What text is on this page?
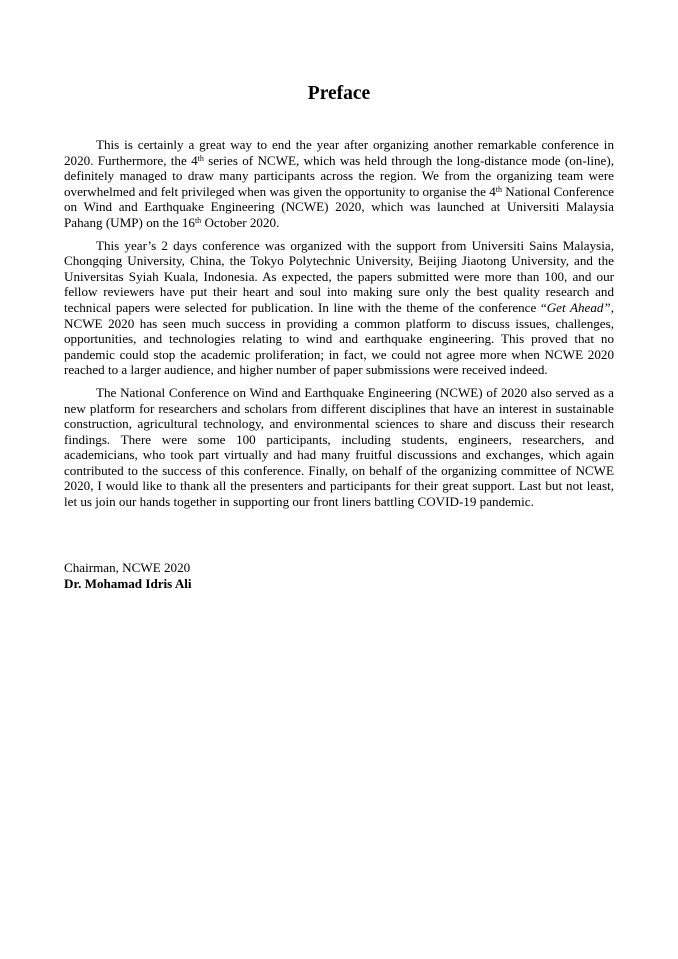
Preface

This is certainly a great way to end the year after organizing another remarkable conference in 2020. Furthermore, the 4th series of NCWE, which was held through the long-distance mode (on-line), definitely managed to draw many participants across the region. We from the organizing team were overwhelmed and felt privileged when was given the opportunity to organise the 4th National Conference on Wind and Earthquake Engineering (NCWE) 2020, which was launched at Universiti Malaysia Pahang (UMP) on the 16th October 2020.

This year’s 2 days conference was organized with the support from Universiti Sains Malaysia, Chongqing University, China, the Tokyo Polytechnic University, Beijing Jiaotong University, and the Universitas Syiah Kuala, Indonesia. As expected, the papers submitted were more than 100, and our fellow reviewers have put their heart and soul into making sure only the best quality research and technical papers were selected for publication. In line with the theme of the conference “Get Ahead”, NCWE 2020 has seen much success in providing a common platform to discuss issues, challenges, opportunities, and technologies relating to wind and earthquake engineering. This proved that no pandemic could stop the academic proliferation; in fact, we could not agree more when NCWE 2020 reached to a larger audience, and higher number of paper submissions were received indeed.

The National Conference on Wind and Earthquake Engineering (NCWE) of 2020 also served as a new platform for researchers and scholars from different disciplines that have an interest in sustainable construction, agricultural technology, and environmental sciences to share and discuss their research findings. There were some 100 participants, including students, engineers, researchers, and academicians, who took part virtually and had many fruitful discussions and exchanges, which again contributed to the success of this conference. Finally, on behalf of the organizing committee of NCWE 2020, I would like to thank all the presenters and participants for their great support. Last but not least, let us join our hands together in supporting our front liners battling COVID-19 pandemic.

Chairman, NCWE 2020
Dr. Mohamad Idris Ali
